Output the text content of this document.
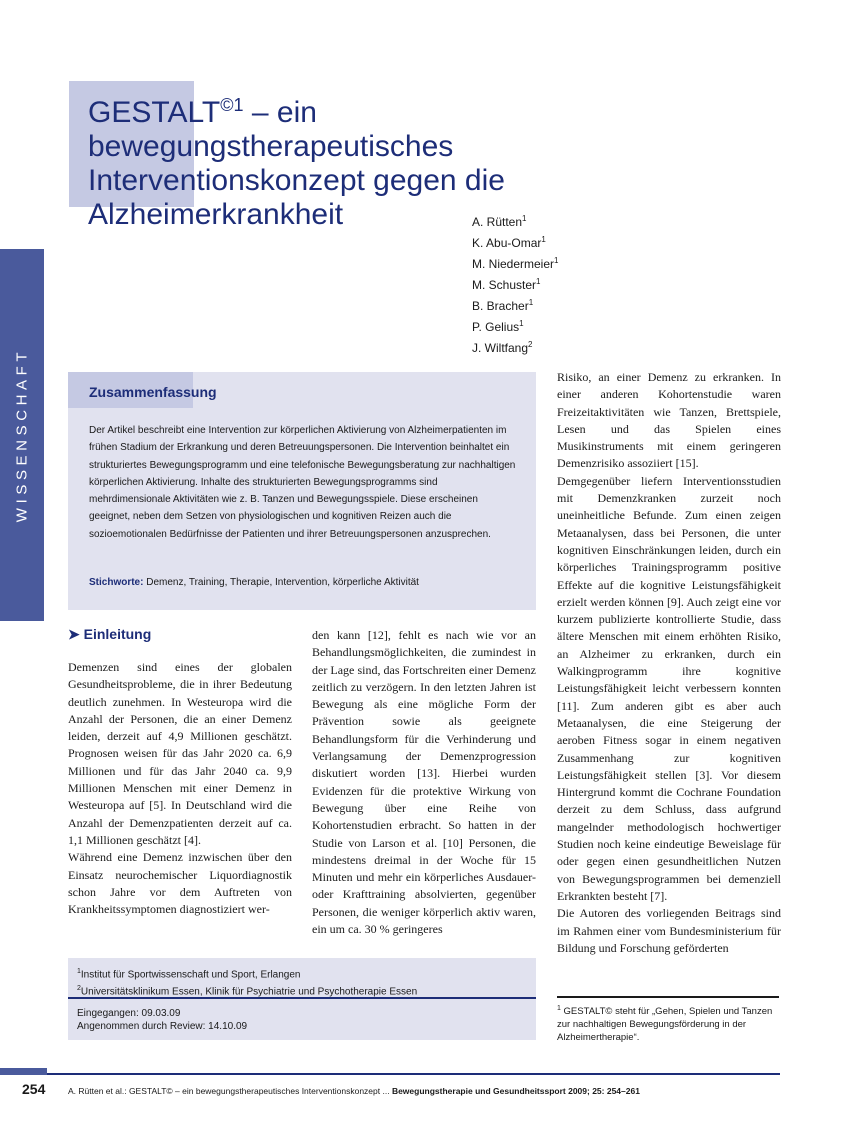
WISSENSCHAFT
$GESTALT^{©1}$ – ein bewegungstherapeutisches Interventionskonzept gegen die Alzheimerkrankheit	A. Rütten$^1$
K. Abu-Omar$^1$
M. Niedermeier$^1$
M. Schuster$^1$
B. Bracher$^1$
P. Gelius$^1$
J. Wiltfang$^2$
Zusammenfassung
Der Artikel beschreibt eine Intervention zur körperlichen Aktivierung von Alzheimerpatienten im frühen Stadium der Erkrankung und deren Betreuungspersonen. Die Intervention beinhaltet ein strukturiertes Bewegungsprogramm und eine telefonische Bewegungsberatung zur nachhaltigen körperlichen Aktivierung. Inhalte des strukturierten Bewegungsprogramms sind mehrdimensionale Aktivitäten wie z. B. Tanzen und Bewegungsspiele. Diese erscheinen geeignet, neben dem Setzen von physiologischen und kognitiven Reizen auch die sozioemotionalen Bedürfnisse der Patienten und ihrer Betreuungspersonen anzusprechen.
Stichworte: Demenz, Training, Therapie, Intervention, körperliche Aktivität
➤ Einleitung

Demenzen sind eines der globalen Gesundheitsprobleme, die in ihrer Bedeutung deutlich zunehmen. In Westeuropa wird die Anzahl der Personen, die an einer Demenz leiden, derzeit auf 4,9 Millionen geschätzt. Prognosen weisen für das Jahr 2020 ca. 6,9 Millionen und für das Jahr 2040 ca. 9,9 Millionen Menschen mit einer Demenz in Westeuropa auf [5]. In Deutschland wird die Anzahl der Demenzpatienten derzeit auf ca. 1,1 Millionen geschätzt [4].

Während eine Demenz inzwischen über den Einsatz neurochemischer Liquordiagnostik schon Jahre vor dem Auftreten von Krankheitssymptomen diagnostiziert wer-

den kann [12], fehlt es nach wie vor an Behandlungsmöglichkeiten, die zumindest in der Lage sind, das Fortschreiten einer Demenz zeitlich zu verzögern. In den letzten Jahren ist Bewegung als eine mögliche Form der Prävention sowie als geeignete Behandlungsform für die Verhinderung und Verlangsamung der Demenzprogression diskutiert worden [13]. Hierbei wurden Evidenzen für die protektive Wirkung von Bewegung über eine Reihe von Kohortenstudien erbracht. So hatten in der Studie von Larson et al. [10] Personen, die mindestens dreimal in der Woche für 15 Minuten und mehr ein körperliches Ausdauer- oder Krafttraining absolvierten, gegenüber Personen, die weniger körperlich aktiv waren, ein um ca. 30 % geringeres

Risiko, an einer Demenz zu erkranken. In einer anderen Kohortenstudie waren Freizeitaktivitäten wie Tanzen, Brettspiele, Lesen und das Spielen eines Musikinstruments mit einem geringeren Demenzrisiko assoziiert [15].

Demgegenüber liefern Interventionsstudien mit Demenzkranken zurzeit noch uneinheitliche Befunde. Zum einen zeigen Metaanalysen, dass bei Personen, die unter kognitiven Einschränkungen leiden, durch ein körperliches Trainingsprogramm positive Effekte auf die kognitive Leistungsfähigkeit erzielt werden können [9]. Auch zeigt eine vor kurzem publizierte kontrollierte Studie, dass ältere Menschen mit einem erhöhten Risiko, an Alzheimer zu erkranken, durch ein Walkingprogramm ihre kognitive Leistungsfähigkeit leicht verbessern konnten [11]. Zum anderen gibt es aber auch Metaanalysen, die eine Steigerung der aeroben Fitness sogar in einem negativen Zusammenhang zur kognitiven Leistungsfähigkeit stellen [3]. Vor diesem Hintergrund kommt die Cochrane Foundation derzeit zu dem Schluss, dass aufgrund mangelnder methodologisch hochwertiger Studien noch keine eindeutige Beweislage für oder gegen einen gesundheitlichen Nutzen von Bewegungsprogrammen bei demenziell Erkrankten besteht [7].

Die Autoren des vorliegenden Beitrags sind im Rahmen einer vom Bundesministerium für Bildung und Forschung geförderten

$^1$Institut für Sportwissenschaft und Sport, Erlangen
$^2$Universitätsklinikum Essen, Klinik für Psychiatrie und Psychotherapie Essen
Eingegangen: 09.03.09
Angenommen durch Review: 14.10.09
$^1$ GESTALT© steht für „Gehen, Spielen und Tanzen zur nachhaltigen Bewegungsförderung in der Alzheimertherapie“.
254	A. Rütten et al.: GESTALT© – ein bewegungstherapeutisches Interventionskonzept ... Bewegungstherapie und Gesundheitssport 2009; 25: 254–261
